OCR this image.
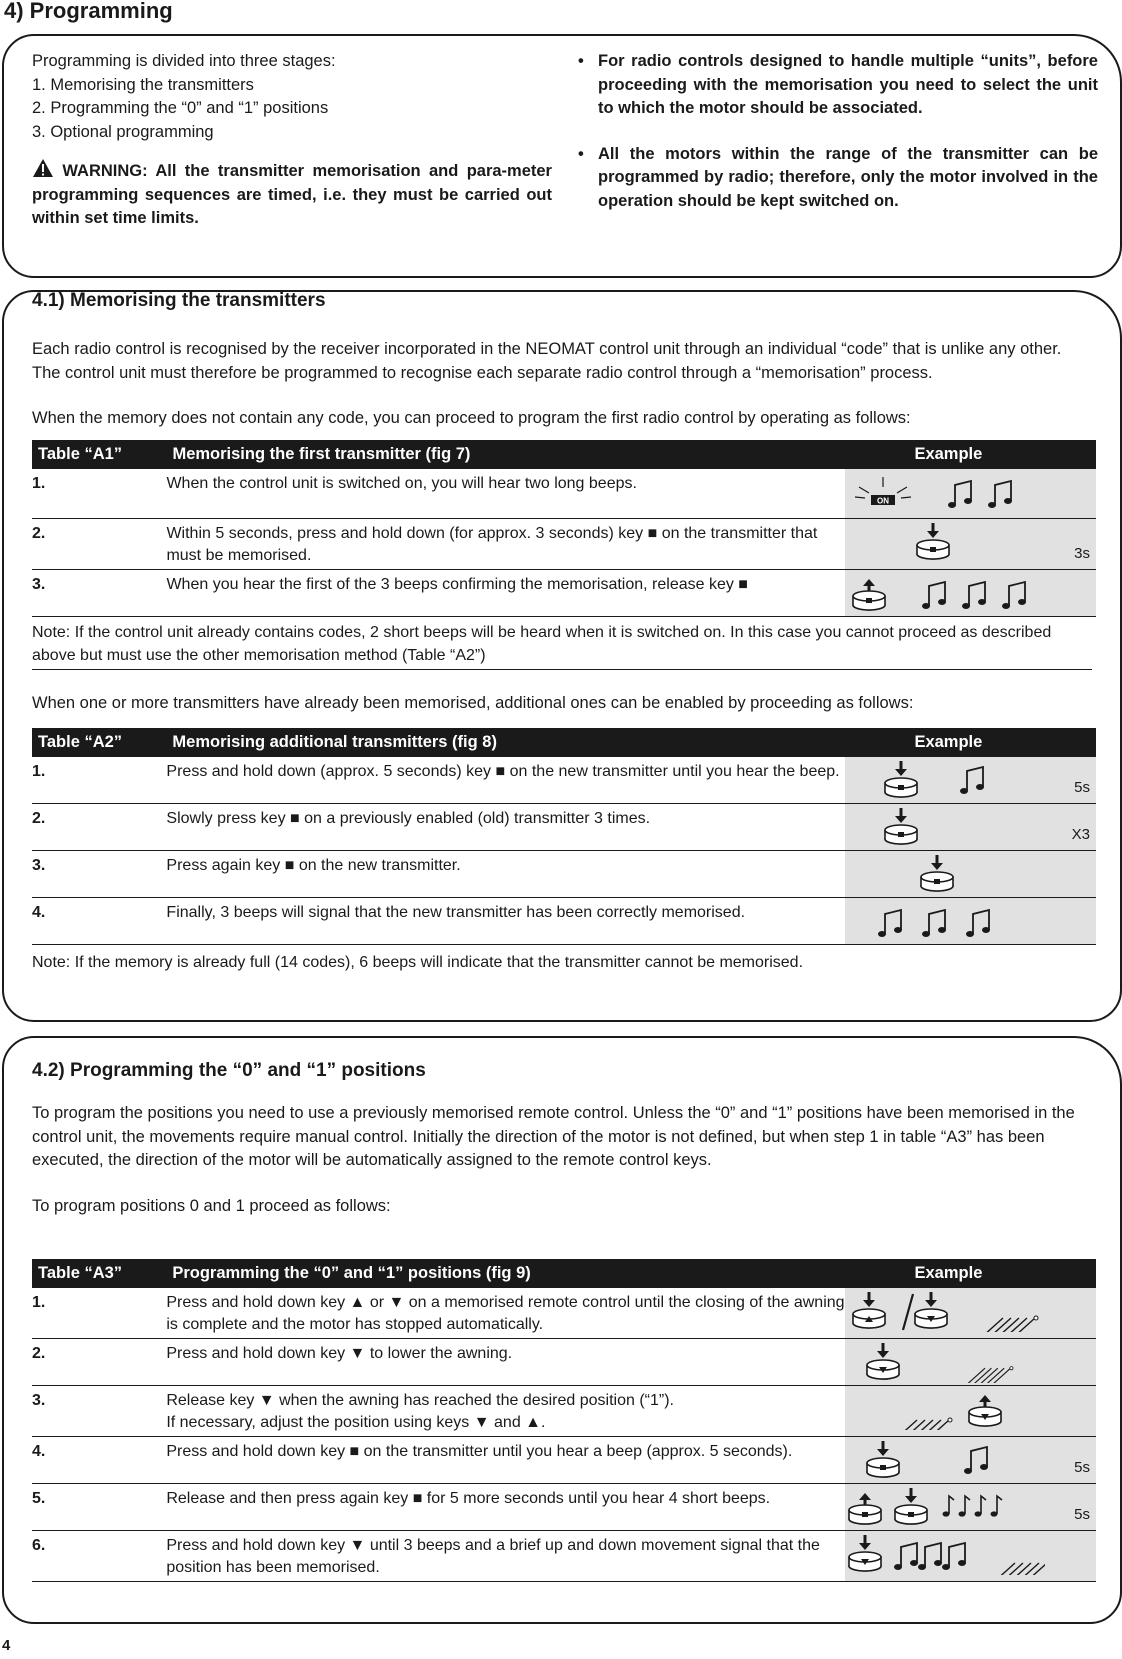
4) Programming

Programming is divided into three stages:

1. Memorising the transmitters

2. Programming the “0” and “1” positions

3. Optional programming

WARNING: All the transmitter memorisation and para-meter programming sequences are timed, i.e. they must be carried out within set time limits.

• For radio controls designed to handle multiple “units”, before proceeding with the memorisation you need to select the unit to which the motor should be associated.

• All the motors within the range of the transmitter can be programmed by radio; therefore, only the motor involved in the operation should be kept switched on.

4.1) Memorising the transmitters

Each radio control is recognised by the receiver incorporated in the NEOMAT control unit through an individual “code” that is unlike any other. The control unit must therefore be programmed to recognise each separate radio control through a “memorisation” process.

When the memory does not contain any code, you can proceed to program the first radio control by operating as follows:

Table “A1”	Memorising the first transmitter (fig 7)	Example
1.	When the control unit is switched on, you will hear two long beeps.	ON

2.	Within 5 seconds, press and hold down (for approx. 3 seconds) key ■ on the transmitter that must be memorised.	3s

3.	When you hear the first of the 3 beeps confirming the memorisation, release key ■	
Note: If the control unit already contains codes, 2 short beeps will be heard when it is switched on. In this case you cannot proceed as described above but must use the other memorisation method (Table “A2”)

When one or more transmitters have already been memorised, additional ones can be enabled by proceeding as follows:

Table “A2”	Memorising additional transmitters (fig 8)	Example
1.	Press and hold down (approx. 5 seconds) key ■ on the new transmitter until you hear the beep.	5s

2.	Slowly press key ■ on a previously enabled (old) transmitter 3 times.	X3

3.	Press again key ■ on the new transmitter.	

4.	Finally, 3 beeps will signal that the new transmitter has been correctly memorised.	
Note: If the memory is already full (14 codes), 6 beeps will indicate that the transmitter cannot be memorised.
4.2) Programming the “0” and “1” positions

To program the positions you need to use a previously memorised remote control. Unless the “0” and “1” positions have been memorised in the control unit, the movements require manual control. Initially the direction of the motor is not defined, but when step 1 in table “A3” has been executed, the direction of the motor will be automatically assigned to the remote control keys.

To program positions 0 and 1 proceed as follows:

Table “A3”	Programming the “0” and “1” positions (fig 9)	Example
1.	Press and hold down key ▲ or ▼ on a memorised remote control until the closing of the awning is complete and the motor has stopped automatically.	

2.	Press and hold down key ▼ to lower the awning.	

3.	Release key ▼ when the awning has reached the desired position (“1”).
If necessary, adjust the position using keys ▼ and ▲.	

4.	Press and hold down key ■ on the transmitter until you hear a beep (approx. 5 seconds).	5s

5.	Release and then press again key ■ for 5 more seconds until you hear 4 short beeps.	5s

6.	Press and hold down key ▼ until 3 beeps and a brief up and down movement signal that the position has been memorised.	
4
